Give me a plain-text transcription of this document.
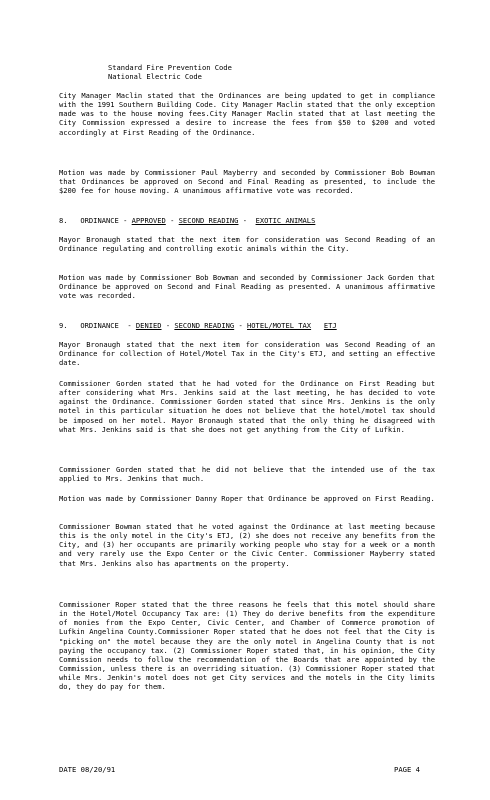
Standard Fire Prevention Code
National Electric Code
City Manager Maclin stated that the Ordinances are being updated to get in compliance with the 1991 Southern Building Code. City Manager Maclin stated that the only exception made was to the house moving fees.City Manager Maclin stated that at last meeting the City Commission expressed a desire to increase the fees from $50 to $200 and voted accordingly at First Reading of the Ordinance.
Motion was made by Commissioner Paul Mayberry and seconded by Commissioner Bob Bowman that Ordinances be approved on Second and Final Reading as presented, to include the $200 fee for house moving. A unanimous affirmative vote was recorded.
8. ORDINANCE - APPROVED - SECOND READING - EXOTIC ANIMALS
Mayor Bronaugh stated that the next item for consideration was Second Reading of an Ordinance regulating and controlling exotic animals within the City.
Motion was made by Commissioner Bob Bowman and seconded by Commissioner Jack Gorden that Ordinance be approved on Second and Final Reading as presented. A unanimous affirmative vote was recorded.
9. ORDINANCE - DENIED - SECOND READING - HOTEL/MOTEL TAX ETJ
Mayor Bronaugh stated that the next item for consideration was Second Reading of an Ordinance for collection of Hotel/Motel Tax in the City's ETJ, and setting an effective date.
Commissioner Gorden stated that he had voted for the Ordinance on First Reading but after considering what Mrs. Jenkins said at the last meeting, he has decided to vote against the Ordinance. Commissioner Gorden stated that since Mrs. Jenkins is the only motel in this particular situation he does not believe that the hotel/motel tax should be imposed on her motel. Mayor Bronaugh stated that the only thing he disagreed with what Mrs. Jenkins said is that she does not get anything from the City of Lufkin.
Commissioner Gorden stated that he did not believe that the intended use of the tax applied to Mrs. Jenkins that much.
Motion was made by Commissioner Danny Roper that Ordinance be approved on First Reading.
Commissioner Bowman stated that he voted against the Ordinance at last meeting because this is the only motel in the City's ETJ, (2) she does not receive any benefits from the City, and (3) her occupants are primarily working people who stay for a week or a month and very rarely use the Expo Center or the Civic Center. Commissioner Mayberry stated that Mrs. Jenkins also has apartments on the property.
Commissioner Roper stated that the three reasons he feels that this motel should share in the Hotel/Motel Occupancy Tax are: (1) They do derive benefits from the expenditure of monies from the Expo Center, Civic Center, and Chamber of Commerce promotion of Lufkin Angelina County.Commissioner Roper stated that he does not feel that the City is "picking on" the motel because they are the only motel in Angelina County that is not paying the occupancy tax. (2) Commissioner Roper stated that, in his opinion, the City Commission needs to follow the recommendation of the Boards that are appointed by the Commission, unless there is an overriding situation. (3) Commissioner Roper stated that while Mrs. Jenkin's motel does not get City services and the motels in the City limits do, they do pay for them.
DATE 08/20/91	PAGE 4
